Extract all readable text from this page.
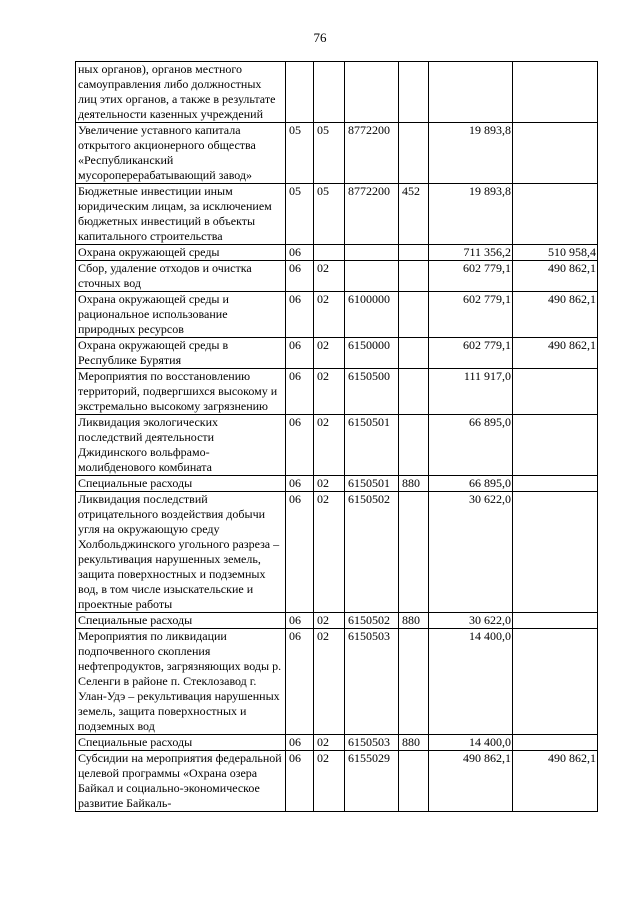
76
ных органов), органов местного самоуправления либо должностных лиц этих органов, а также в результате деятельности казенных учреждений						
Увеличение уставного капитала открытого акционерного общества «Республиканский мусороперерабатывающий завод»	05	05	8772200		19 893,8	
Бюджетные инвестиции иным юридическим лицам, за исключением бюджетных инвестиций в объекты капитального строительства	05	05	8772200	452	19 893,8	
Охрана окружающей среды	06				711 356,2	510 958,4
Сбор, удаление отходов и очистка сточных вод	06	02			602 779,1	490 862,1
Охрана окружающей среды и рациональное использование природных ресурсов	06	02	6100000		602 779,1	490 862,1
Охрана окружающей среды в Республике Бурятия	06	02	6150000		602 779,1	490 862,1
Мероприятия по восстановлению территорий, подвергшихся высокому и экстремально высокому загрязнению	06	02	6150500		111 917,0	
Ликвидация экологических последствий деятельности Джидинского вольфрамо-молибденового комбината	06	02	6150501		66 895,0	
Специальные расходы	06	02	6150501	880	66 895,0	
Ликвидация последствий отрицательного воздействия добычи угля на окружающую среду Холбольджинского угольного разреза – рекультивация нарушенных земель, защита поверхностных и подземных вод, в том числе изыскательские и проектные работы	06	02	6150502		30 622,0	
Специальные расходы	06	02	6150502	880	30 622,0	
Мероприятия по ликвидации подпочвенного скопления нефтепродуктов, загрязняющих воды р. Селенги в районе п. Стеклозавод г. Улан-Удэ – рекультивация нарушенных земель, защита поверхностных и подземных вод	06	02	6150503		14 400,0	
Специальные расходы	06	02	6150503	880	14 400,0	
Субсидии на мероприятия федеральной целевой программы «Охрана озера Байкал и социально-экономическое развитие Байкаль-	06	02	6155029		490 862,1	490 862,1
